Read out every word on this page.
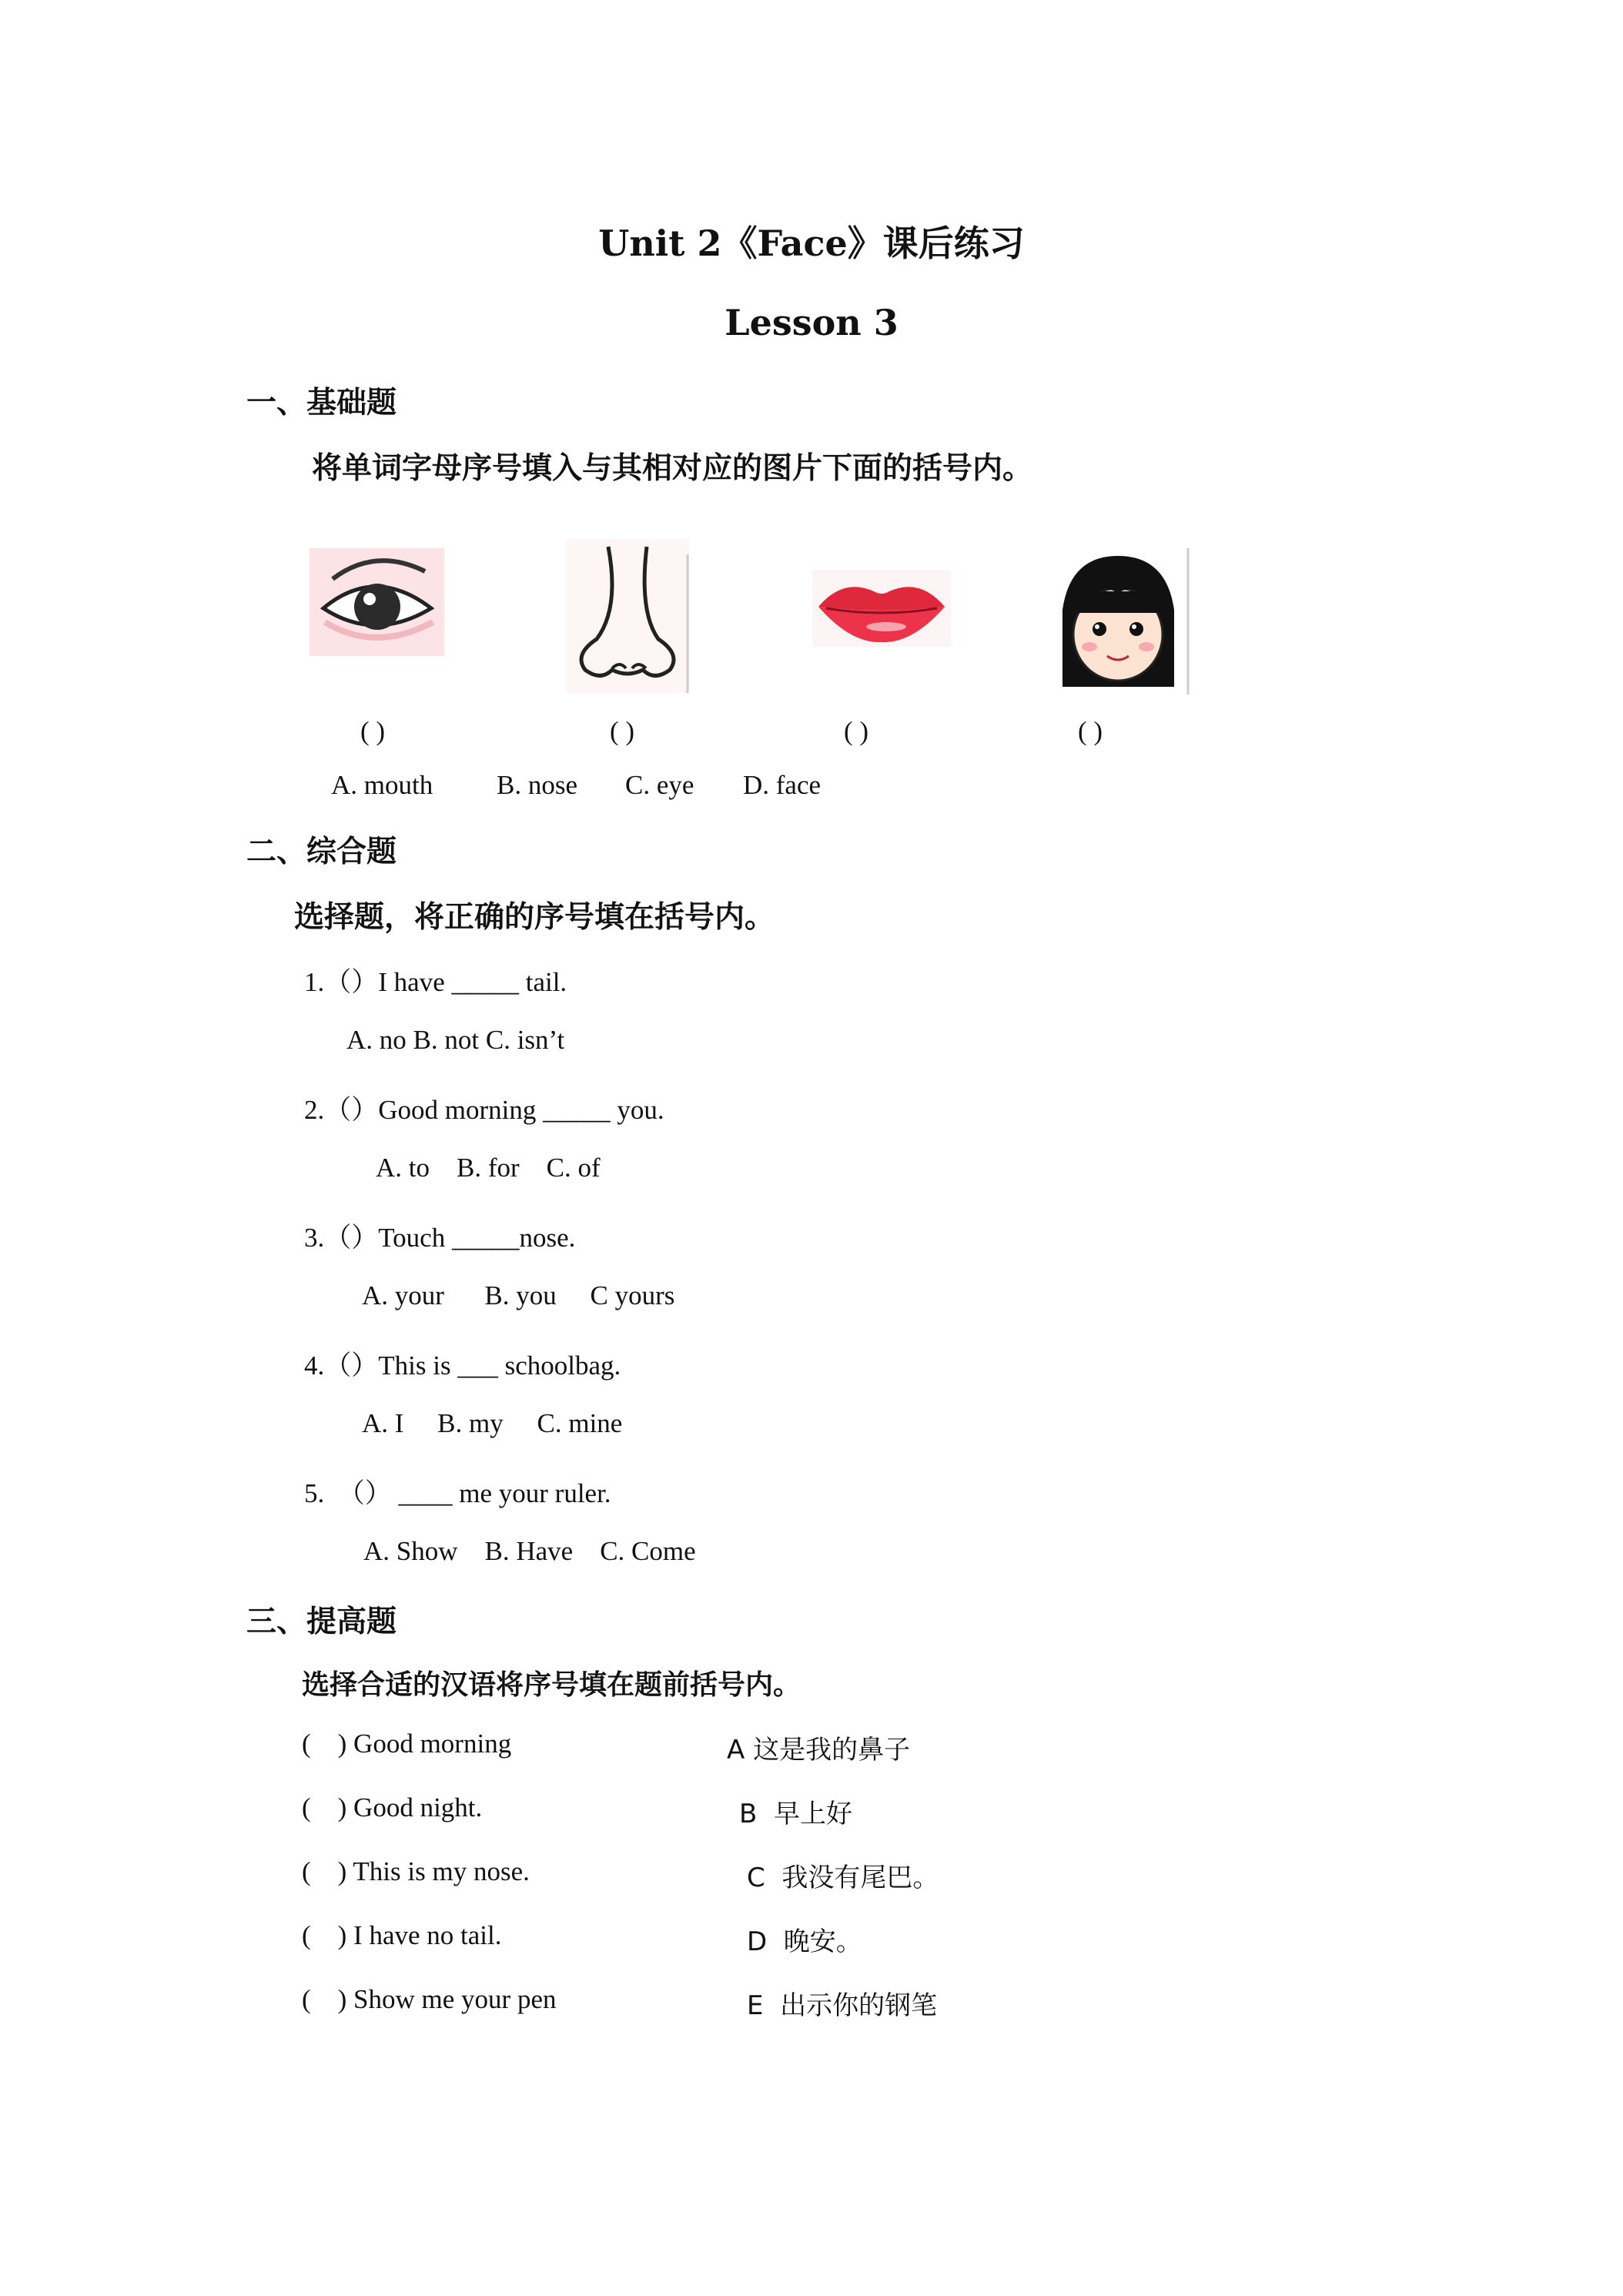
Unit 2《Face》课后练习
Lesson 3
一、基础题
将单词字母序号填入与其相对应的图片下面的括号内。
( )	( )	( )	( )
A. mouth B. nose C. eye D. face
二、综合题
选择题，将正确的序号填在括号内。
1.（）I have _____ tail.
A. no B. not C. isn’t
2.（）Good morning _____ you.
A. to    B. for    C. of
3.（）Touch _____nose.
A. your      B. you     C yours
4.（）This is ___ schoolbag.
A. I     B. my     C. mine
5.  （） ____ me your ruler.
A. Show    B. Have    C. Come
三、提高题
选择合适的汉语将序号填在题前括号内。
(    ) Good morning	A 这是我的鼻子
(    ) Good night.	B  早上好
(    ) This is my nose.	C  我没有尾巴。
(    ) I have no tail.	D  晚安。
(    ) Show me your pen	E  出示你的钢笔
